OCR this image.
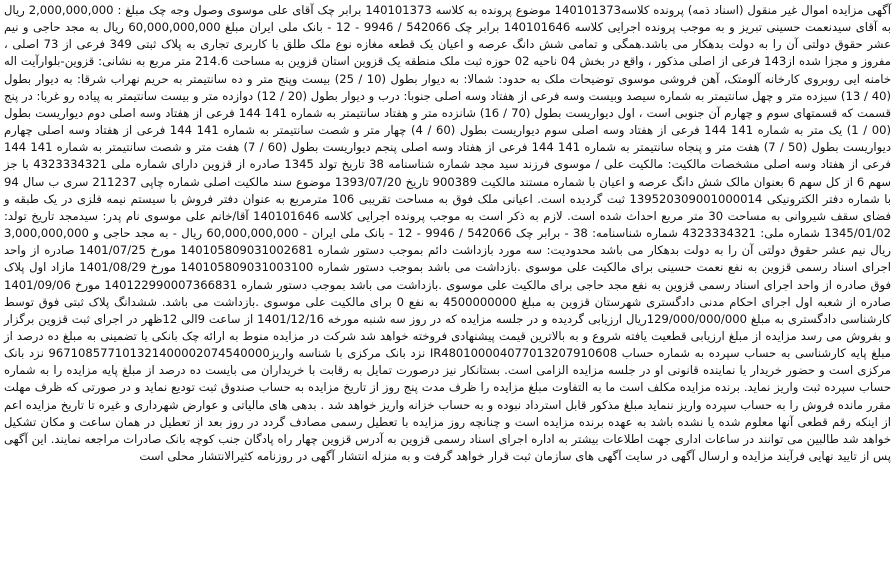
آگهی مزایده اموال غیر منقول (اسناد ذمه) پرونده کلاسه140101373 موضوع پرونده به کلاسه 140101373 برابر چک آقای علی موسوی وصول وجه چک مبلغ : 2,000,000,000 ریال به آقای سیدنعمت حسینی تبریز و به موجب پرونده اجرایی کلاسه 140101646 برابر چک 542066 / 9946 - 12 - بانک ملی ایران مبلغ 60,000,000,000 ریال به مجد حاجی و نیم عشر حقوق دولتی آن را به دولت بدهکار می باشد.همگی و تمامی شش دانگ عرصه و اعیان یک قطعه مغازه نوع ملک طلق با کاربری تجاری به پلاک ثبتی 349 فرعی از 73 اصلی ، مفروز و مجزا شده از143 فرعی از اصلی مذکور ، واقع در بخش 04 ناحیه 02 حوزه ثبت ملک منطقه یک قزوین استان قزوین به مساحت 214.6 متر مربع به نشانی: قزوین-بلوارآیت اله خامنه ایی روبروی کارخانه آلومتک، آهن فروشی موسوی توضیحات ملک به حدود: شمالا: به دیوار بطول (10 / 25) بیست وپنج متر و ده سانتیمتر به حریم نهراب شرقا: به دیوار بطول (40 / 13) سیزده متر و چهل سانتیمتر به شماره سیصد وبیست وسه فرعی از هفتاد وسه اصلی جنوبا: درب و دیوار بطول (20 / 12) دوازده متر و بیست سانتیمتر به پیاده رو غربا: در پنج قسمت که قسمتهای سوم و چهارم آن جنوبی است ، اول دیواریست بطول (70 / 16) شانزده متر و هفتاد سانتیمتر به شماره 141 144 فرعی از هفتاد وسه اصلی دوم دیواریست بطول (00 / 1) یک متر به شماره 141 144 فرعی از هفتاد وسه اصلی سوم دیواریست بطول (60 / 4) چهار متر و شصت سانتیمتر به شماره 141 144 فرعی از هفتاد وسه اصلی چهارم دیواریست بطول (50 / 7) هفت متر و پنجاه سانتیمتر به شماره 141 144 فرعی از هفتاد وسه اصلی پنجم دیواریست بطول (60 / 7) هفت متر و شصت سانتیمتر به شماره 141 144 فرعی از هفتاد وسه اصلی مشخصات مالکیت: مالکیت علی / موسوی فرزند سید مجد شماره شناسنامه 38 تاریخ تولد 1345 صادره از قزوین دارای شماره ملی 4323334321 با جز سهم 6 از کل سهم 6 بعنوان مالک شش دانگ عرصه و اعیان با شماره مستند مالکیت 900389 تاریخ 1393/07/20 موضوع سند مالکیت اصلی شماره چاپی 211237 سری ب سال 94 با شماره دفتر الکترونیکی 139520309001000014 ثبت گردیده است. اعیانی ملک فوق به مساحت تقریبی 106 مترمربع به عنوان دفتر فروش با سیستم نیمه فلزی در یک طبقه و فضای سقف شیروانی به مساحت 30 متر مربع احداث شده است. لازم به ذکر است به موجب پرونده اجرایی کلاسه 140101646 آقا/خانم علی موسوی نام پدر: سیدمجد تاریخ تولد: 1345/01/02 شماره ملی: 4323334321 شماره شناسنامه: 38 - برابر چک 542066 / 9946 - 12 - بانک ملی ایران - 60,000,000,000 ریال - به مجد حاجی و 3,000,000,000 ریال نیم عشر حقوق دولتی آن را به دولت بدهکار می باشد محدودیت: سه مورد بازداشت دائم بموجب دستور شماره 140105809031002681 مورخ 1401/07/25 صادره از واحد اجرای اسناد رسمی قزوین به نفع نعمت حسینی برای مالکیت علی موسوی .بازداشت می باشد بموجب دستور شماره 140105809031003100 مورخ 1401/08/29 مازاد اول پلاک فوق صادره از واحد اجرای اسناد رسمی قزوین به نفع مجد حاجی برای مالکیت علی موسوی .بازداشت می باشد بموجب دستور شماره 140122990007366831 مورخ 1401/09/06 صادره از شعبه اول اجرای احکام مدنی دادگستری شهرستان قزوین به مبلغ 4500000000 به نفع 0 برای مالکیت علی موسوی .بازداشت می باشد. ششدانگ پلاک ثبتی فوق توسط کارشناسی دادگستری به مبلغ 129/000/000/000ریال ارزیابی گردیده و در جلسه مزایده که در روز سه شنبه مورخه 1401/12/16 از ساعت 9الی 12ظهر در اجرای ثبت قزوین برگزار و بفروش می رسد مزایده از مبلغ ارزیابی قطعیت یافته شروع و به بالاترین قیمت پیشنهادی فروخته خواهد شد شرکت در مزایده منوط به ارائه چک بانکی یا تضمینی به مبلغ ده درصد از مبلغ پایه کارشناسی به حساب سپرده به شماره حساب IR480100004077013207910608 نزد بانک مرکزی با شناسه واریز967108577101321400002074540000 نزد بانک مرکزی است و حضور خریدار یا نماینده قانونی او در جلسه مزایده الزامی است. بستانکار نیز درصورت تمایل به رقابت با خریداران می بایست ده درصد از مبلغ پایه مزایده را به شماره حساب سپرده ثبت واریز نماید. برنده مزایده مکلف است ما به التفاوت مبلغ مزایده را ظرف مدت پنج روز از تاریخ مزایده به حساب صندوق ثبت تودیع نماید و در صورتی که ظرف مهلت مقرر مانده فروش را به حساب سپرده واریز ننماید مبلغ مذکور قابل استرداد نبوده و به حساب خزانه واریز خواهد شد . بدهی های مالیاتی و عوارض شهرداری و غیره تا تاریخ مزایده اعم از اینکه رقم قطعی آنها معلوم شده یا نشده باشد به عهده برنده مزایده است و چنانچه روز مزایده با تعطیل رسمی مصادف گردد در روز بعد از تعطیل در همان ساعت و مکان تشکیل خواهد شد طالبین می توانند در ساعات اداری جهت اطلاعات بیشتر به اداره اجرای اسناد رسمی قزوین به آدرس قزوین چهار راه پادگان جنب کوچه بانک صادرات مراجعه نمایند. این آگهی پس از تایید نهایی فرآیند مزایده و ارسال آگهی در سایت آگهی های سازمان ثبت قرار خواهد گرفت و به منزله انتشار آگهی در روزنامه کثیرالانتشار محلی است
